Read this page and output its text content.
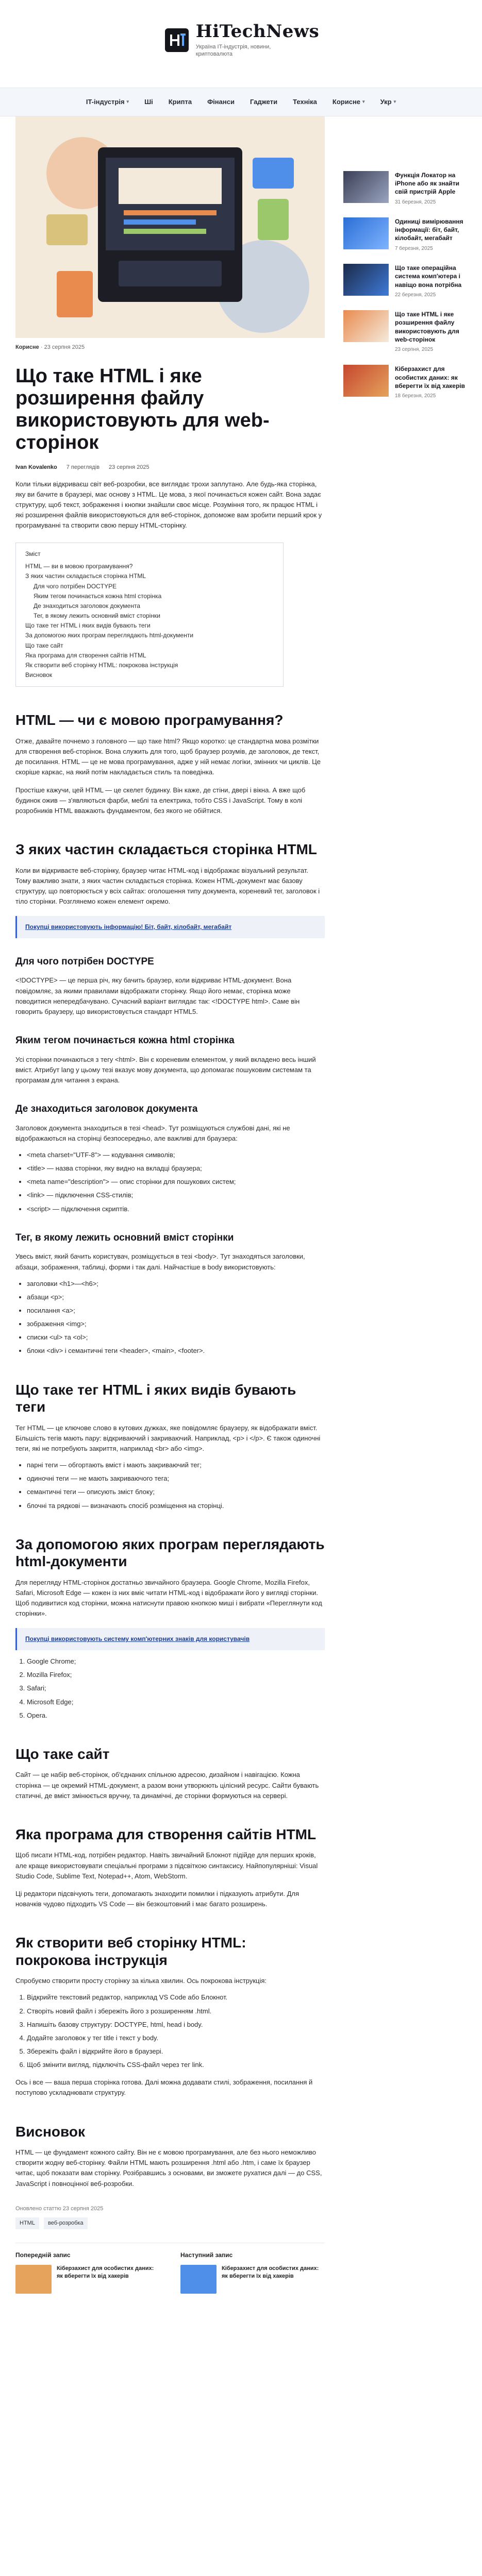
HiTechNews
Україна IT-індустрія, новини, криптовалюта
IT-індустрія ▾ Ші Крипта Фінанси Гаджети Техніка Корисне ▾ Укр ▾
Корисне · 23 серпня 2025
Що таке HTML і яке розширення файлу використовують для web-сторінок
Ivan Kovalenko 7 переглядів 23 серпня 2025

Коли тільки відкриваєш світ веб-розробки, все виглядає трохи заплутано. Але будь-яка сторінка, яку ви бачите в браузері, має основу з HTML. Це мова, з якої починається кожен сайт. Вона задає структуру, щоб текст, зображення і кнопки знайшли своє місце. Розуміння того, як працює HTML і які розширення файлів використовуються для веб-сторінок, допоможе вам зробити перший крок у програмуванні та створити свою першу HTML-сторінку.

Зміст
HTML — ви в мовою програмування?
З яких частин складається сторінка HTML
Для чого потрібен DOCTYPE
Яким тегом починається кожна html сторінка
Де знаходиться заголовок документа
Тег, в якому лежить основний вміст сторінки
Що таке тег HTML і яких видів бувають теги
За допомогою яких програм переглядають html-документи
Що таке сайт
Яка програма для створення сайтів HTML
Як створити веб сторінку HTML: покрокова інструкція
Висновок
HTML — чи є мовою програмування?

Отже, давайте почнемо з головного — що таке html? Якщо коротко: це стандартна мова розмітки для створення веб-сторінок. Вона служить для того, щоб браузер розумів, де заголовок, де текст, де посилання. HTML — це не мова програмування, адже у ній немає логіки, змінних чи циклів. Це скоріше каркас, на який потім накладається стиль та поведінка.

Простіше кажучи, цей HTML — це скелет будинку. Він каже, де стіни, двері і вікна. А вже щоб будинок ожив — з'являються фарби, меблі та електрика, тобто CSS і JavaScript. Тому в колі розробників HTML вважають фундаментом, без якого не обійтися.

З яких частин складається сторінка HTML

Коли ви відкриваєте веб-сторінку, браузер читає HTML-код і відображає візуальний результат. Тому важливо знати, з яких частин складається сторінка. Кожен HTML-документ має базову структуру, що повторюється у всіх сайтах: оголошення типу документа, кореневий тег, заголовок і тіло сторінки. Розглянемо кожен елемент окремо.

Покупці використовують інформацію! Біт, байт, кілобайт, мегабайт
Для чого потрібен DOCTYPE

<!DOCTYPE> — це перша річ, яку бачить браузер, коли відкриває HTML-документ. Вона повідомляє, за якими правилами відображати сторінку. Якщо його немає, сторінка може поводитися непередбачувано. Сучасний варіант виглядає так: <!DOCTYPE html>. Саме він говорить браузеру, що використовується стандарт HTML5.

Яким тегом починається кожна html сторінка

Усі сторінки починаються з тегу <html>. Він є кореневим елементом, у який вкладено весь інший вміст. Атрибут lang у цьому тезі вказує мову документа, що допомагає пошуковим системам та програмам для читання з екрана.

Де знаходиться заголовок документа

Заголовок документа знаходиться в тезі <head>. Тут розміщуються службові дані, які не відображаються на сторінці безпосередньо, але важливі для браузера:

• <meta charset="UTF-8"> — кодування символів;
• <title> — назва сторінки, яку видно на вкладці браузера;
• <meta name="description"> — опис сторінки для пошукових систем;
• <link> — підключення CSS-стилів;
• <script> — підключення скриптів.
Тег, в якому лежить основний вміст сторінки

Увесь вміст, який бачить користувач, розміщується в тезі <body>. Тут знаходяться заголовки, абзаци, зображення, таблиці, форми і так далі. Найчастіше в body використовують:

• заголовки <h1>—<h6>;
• абзаци <p>;
• посилання <a>;
• зображення <img>;
• списки <ul> та <ol>;
• блоки <div> і семантичні теги <header>, <main>, <footer>.
Що таке тег HTML і яких видів бувають теги

Тег HTML — це ключове слово в кутових дужках, яке повідомляє браузеру, як відображати вміст. Більшість тегів мають пару: відкриваючий і закриваючий. Наприклад, <p> і </p>. Є також одиночні теги, які не потребують закриття, наприклад <br> або <img>.

• парні теги — обгортають вміст і мають закриваючий тег;
• одиночні теги — не мають закриваючого тега;
• семантичні теги — описують зміст блоку;
• блочні та рядкові — визначають спосіб розміщення на сторінці.
За допомогою яких програм переглядають html-документи

Для перегляду HTML-сторінок достатньо звичайного браузера. Google Chrome, Mozilla Firefox, Safari, Microsoft Edge — кожен із них вміє читати HTML-код і відображати його у вигляді сторінки. Щоб подивитися код сторінки, можна натиснути правою кнопкою миші і вибрати «Переглянути код сторінки».

Покупці використовують систему комп'ютерних знаків для користувачів
1. Google Chrome;
2. Mozilla Firefox;
3. Safari;
4. Microsoft Edge;
5. Opera.
Що таке сайт

Сайт — це набір веб-сторінок, об'єднаних спільною адресою, дизайном і навігацією. Кожна сторінка — це окремий HTML-документ, а разом вони утворюють цілісний ресурс. Сайти бувають статичні, де вміст змінюється вручну, та динамічні, де сторінки формуються на сервері.

Яка програма для створення сайтів HTML

Щоб писати HTML-код, потрібен редактор. Навіть звичайний Блокнот підійде для перших кроків, але краще використовувати спеціальні програми з підсвіткою синтаксису. Найпопулярніші: Visual Studio Code, Sublime Text, Notepad++, Atom, WebStorm.

Ці редактори підсвічують теги, допомагають знаходити помилки і підказують атрибути. Для новачків чудово підходить VS Code — він безкоштовний і має багато розширень.

Як створити веб сторінку HTML: покрокова інструкція

Спробуємо створити просту сторінку за кілька хвилин. Ось покрокова інструкція:

1. Відкрийте текстовий редактор, наприклад VS Code або Блокнот.
2. Створіть новий файл і збережіть його з розширенням .html.
3. Напишіть базову структуру: DOCTYPE, html, head і body.
4. Додайте заголовок у тег title і текст у body.
5. Збережіть файл і відкрийте його в браузері.
6. Щоб змінити вигляд, підключіть CSS-файл через тег link.

Ось і все — ваша перша сторінка готова. Далі можна додавати стилі, зображення, посилання й поступово ускладнювати структуру.

Висновок

HTML — це фундамент кожного сайту. Він не є мовою програмування, але без нього неможливо створити жодну веб-сторінку. Файли HTML мають розширення .html або .htm, і саме їх браузер читає, щоб показати вам сторінку. Розібравшись з основами, ви зможете рухатися далі — до CSS, JavaScript і повноцінної веб-розробки.

Оновлено статтю 23 серпня 2025
HTML веб-розробка
Попередній запис
Кіберзахист для особистих даних: як вберегти їх від хакерів
Наступний запис
Кіберзахист для особистих даних: як вберегти їх від хакерів
Функція Локатор на iPhone або як знайти свій пристрій Apple
31 березня, 2025
Одиниці вимірювання інформації: біт, байт, кілобайт, мегабайт
7 березня, 2025
Що таке операційна система комп'ютера і навіщо вона потрібна
22 березня, 2025
Що таке HTML і яке розширення файлу використовують для web-сторінок
23 серпня, 2025
Кіберзахист для особистих даних: як вберегти їх від хакерів
18 березня, 2025
